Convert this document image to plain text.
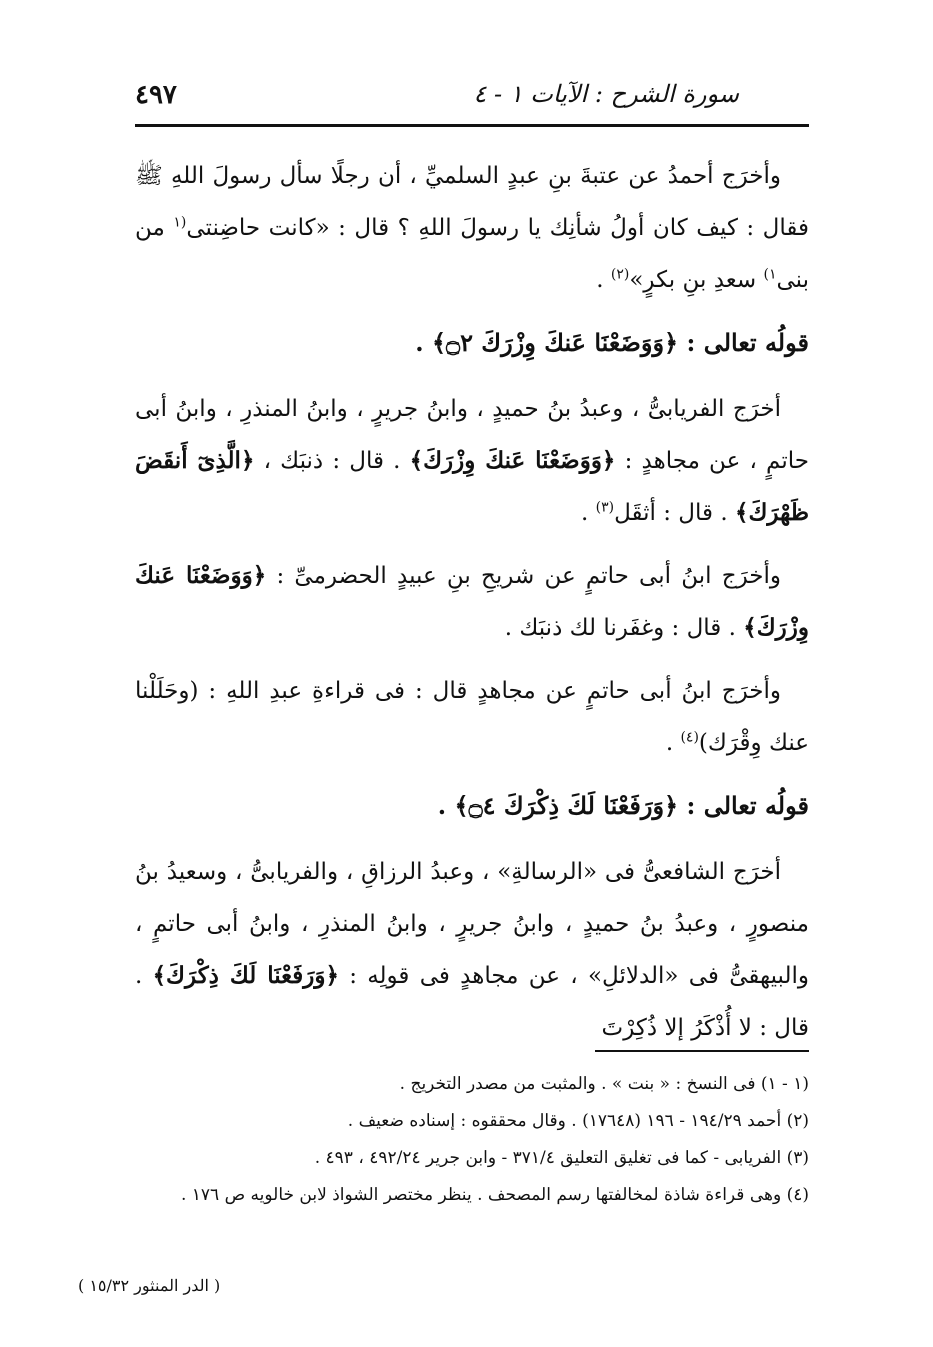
٤٩٧	سورة الشرح : الآيات ١ - ٤

وأخرَج أحمدُ عن عتبةَ بنِ عبدٍ السلميِّ ، أن رجلًا سأل رسولَ اللهِ ﷺ فقال : كيف كان أولُ شأنِك يا رسولَ اللهِ ؟ قال : «كانت حاضِنتى$^{(١}$ من بنى$^{١)}$ سعدِ بنِ بكرٍ»$^{(٢)}$ .

قولُه تعالى : ﴿وَوَضَعْنَا عَنكَ وِزْرَكَ ۝٢﴾ .

أخرَج الفريابىُّ ، وعبدُ بنُ حميدٍ ، وابنُ جريرٍ ، وابنُ المنذرِ ، وابنُ أبى حاتمٍ ، عن مجاهدٍ : ﴿وَوَضَعْنَا عَنكَ وِزْرَكَ﴾ . قال : ذنبَك ، ﴿الَّذِىٓ أَنقَضَ ظَهْرَكَ﴾ . قال : أثقَل$^{(٣)}$ .

وأخرَج ابنُ أبى حاتمٍ عن شريحِ بنِ عبيدٍ الحضرمىِّ : ﴿وَوَضَعْنَا عَنكَ وِزْرَكَ﴾ . قال : وغفَرنا لك ذنبَك .

وأخرَج ابنُ أبى حاتمٍ عن مجاهدٍ قال : فى قراءةِ عبدِ اللهِ : (وحَلَلْنا عنك وِقْرَك)$^{(٤)}$ .

قولُه تعالى : ﴿وَرَفَعْنَا لَكَ ذِكْرَكَ ۝٤﴾ .

أخرَج الشافعىُّ فى «الرسالةِ» ، وعبدُ الرزاقِ ، والفريابىُّ ، وسعيدُ بنُ منصورٍ ، وعبدُ بنُ حميدٍ ، وابنُ جريرٍ ، وابنُ المنذرِ ، وابنُ أبى حاتمٍ ، والبيهقىُّ فى «الدلائلِ» ، عن مجاهدٍ فى قولِه : ﴿وَرَفَعْنَا لَكَ ذِكْرَكَ﴾ . قال : لا أُذْكَرُ إلا ذُكِرْتَ

(١ - ١) فى النسخ : « بنت » . والمثبت من مصدر التخريج .

(٢) أحمد ١٩٤/٢٩ - ١٩٦ (١٧٦٤٨) . وقال محققوه : إسناده ضعيف .

(٣) الفريابى - كما فى تغليق التعليق ٣٧١/٤ - وابن جرير ٤٩٢/٢٤ ، ٤٩٣ .

(٤) وهى قراءة شاذة لمخالفتها رسم المصحف . ينظر مختصر الشواذ لابن خالويه ص ١٧٦ .

( الدر المنثور ١٥/٣٢ )
